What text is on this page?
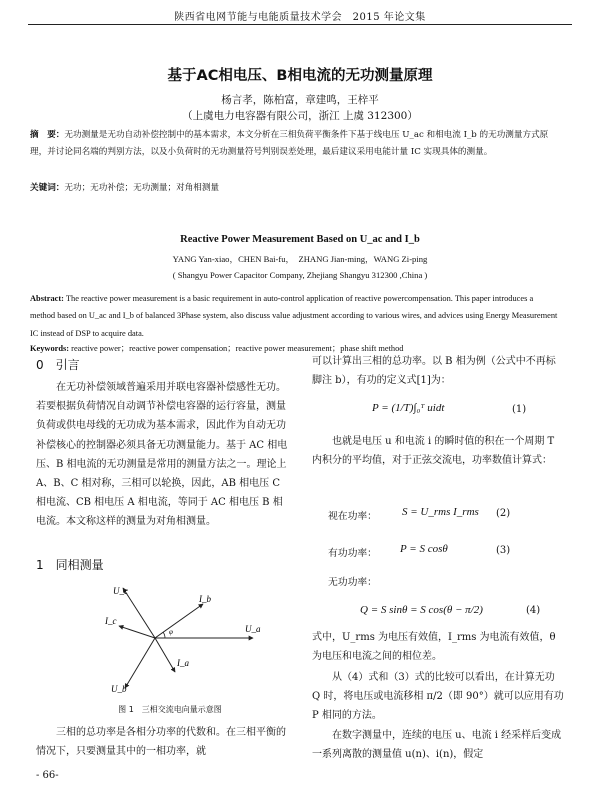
陕西省电网节能与电能质量技术学会　2015 年论文集
基于AC相电压、B相电流的无功测量原理
杨言孝，陈柏富，章建鸣，王梓平
（上虞电力电容器有限公司，浙江 上虞 312300）
摘　要：无功测量是无功自动补偿控制中的基本需求，本文分析在三相负荷平衡条件下基于线电压 U_ac 和相电流 I_b 的无功测量方式原理，并讨论同名端的判别方法，以及小负荷时的无功测量符号判别误差处理，最后建议采用电能计量 IC 实现具体的测量。
关键词：无功；无功补偿；无功测量；对角相测量
Reactive Power Measurement Based on U_ac and I_b
YANG Yan-xiao，CHEN Bai-fu，　ZHANG Jian-ming，WANG Zi-ping
( Shangyu Power Capacitor Company, Zhejiang Shangyu 312300 ,China )
Abstract: The reactive power measurement is a basic requirement in auto-control application of reactive powercompensation. This paper introduces a method based on U_ac and I_b of balanced 3Phase system, also discuss value adjustment according to various wires, and advices using Energy Measurement IC instead of DSP to acquire data.
Keywords: reactive power；reactive power compensation；reactive power measurement；phase shift method
0　引言
在无功补偿领域普遍采用并联电容器补偿感性无功。若要根据负荷情况自动调节补偿电容器的运行容量，测量负荷或供电母线的无功成为基本需求，因此作为自动无功补偿核心的控制器必须具备无功测量能力。基于 AC 相电压、B 相电流的无功测量是常用的测量方法之一。理论上 A、B、C 相对称，三相可以轮换，因此，AB 相电压 C 相电流、CB 相电压 A 相电流，等同于 AC 相电压 B 相电流。本文称这样的测量为对角相测量。
1　同相测量
U_c
I_c
I_b
U_a
I_a
U_b
φ
图 1　三相交流电向量示意图
三相的总功率是各相分功率的代数和。在三相平衡的情况下，只要测量其中的一相功率，就
- 66-
可以计算出三相的总功率。以 B 相为例（公式中不再标脚注 b），有功的定义式[1]为：
P = (1/T)∫₀ᵀ uidt	(1)
也就是电压 u 和电流 i 的瞬时值的积在一个周期 T 内积分的平均值，对于正弦交流电，功率数值计算式：
视在功率： S = U_rms I_rms (2)
有功功率： P = S cosθ	(3)
无功功率：
Q = S sinθ = S cos(θ − π/2)	(4)
式中，U_rms 为电压有效值，I_rms 为电流有效值，θ 为电压和电流之间的相位差。
从（4）式和（3）式的比较可以看出，在计算无功 Q 时，将电压或电流移相 π/2（即 90°）就可以应用有功 P 相同的方法。
在数字测量中，连续的电压 u、电流 i 经采样后变成一系列离散的测量值 u(n)、i(n)，假定
